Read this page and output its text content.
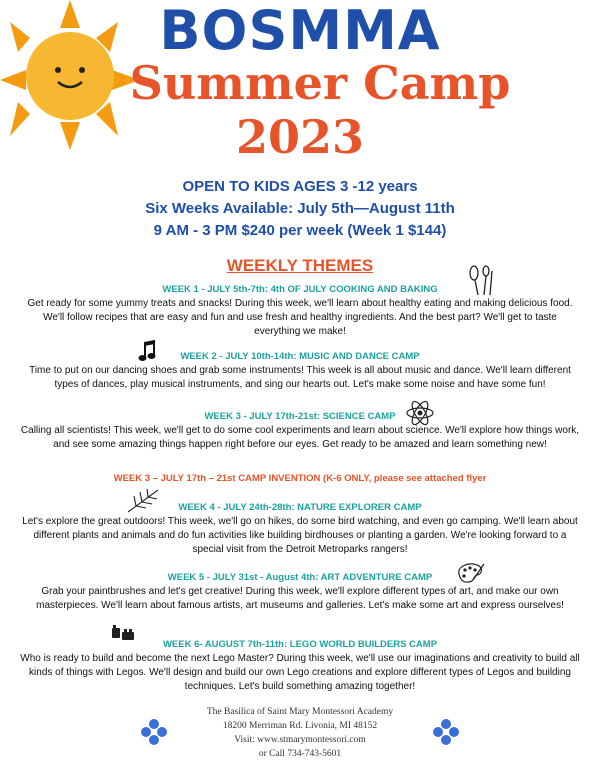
BOSMMA
Summer Camp
2023
OPEN TO KIDS AGES 3 -12 years
Six Weeks Available: July 5th—August 11th
9 AM - 3 PM $240 per week (Week 1 $144)
WEEKLY THEMES
WEEK 1 - JULY 5th-7th: 4th OF JULY COOKING AND BAKING
Get ready for some yummy treats and snacks! During this week, we'll learn about healthy eating and making delicious food. We'll follow recipes that are easy and fun and use fresh and healthy ingredients. And the best part? We'll get to taste everything we make!
WEEK 2 - JULY 10th-14th: MUSIC AND DANCE CAMP
Time to put on our dancing shoes and grab some instruments! This week is all about music and dance. We'll learn different types of dances, play musical instruments, and sing our hearts out. Let's make some noise and have some fun!
WEEK 3 - JULY 17th-21st: SCIENCE CAMP
Calling all scientists! This week, we'll get to do some cool experiments and learn about science. We'll explore how things work, and see some amazing things happen right before our eyes. Get ready to be amazed and learn something new!
WEEK 3 – JULY 17th – 21st CAMP INVENTION (K-6 ONLY, please see attached flyer
WEEK 4 - JULY 24th-28th: NATURE EXPLORER CAMP
Let's explore the great outdoors! This week, we'll go on hikes, do some bird watching, and even go camping. We'll learn about different plants and animals and do fun activities like building birdhouses or planting a garden. We're looking forward to a special visit from the Detroit Metroparks rangers!
WEEK 5 - JULY 31st - August 4th: ART ADVENTURE CAMP
Grab your paintbrushes and let's get creative! During this week, we'll explore different types of art, and make our own masterpieces. We'll learn about famous artists, art museums and galleries. Let's make some art and express ourselves!
WEEK 6- AUGUST 7th-11th: LEGO WORLD BUILDERS CAMP
Who is ready to build and become the next Lego Master? During this week, we'll use our imaginations and creativity to build all kinds of things with Legos. We'll design and build our own Lego creations and explore different types of Legos and building techniques. Let's build something amazing together!
The Basilica of Saint Mary Montessori Academy
18200 Merriman Rd. Livonia, MI 48152
Visit: www.stmarymontessori.com
or Call 734-743-5601
